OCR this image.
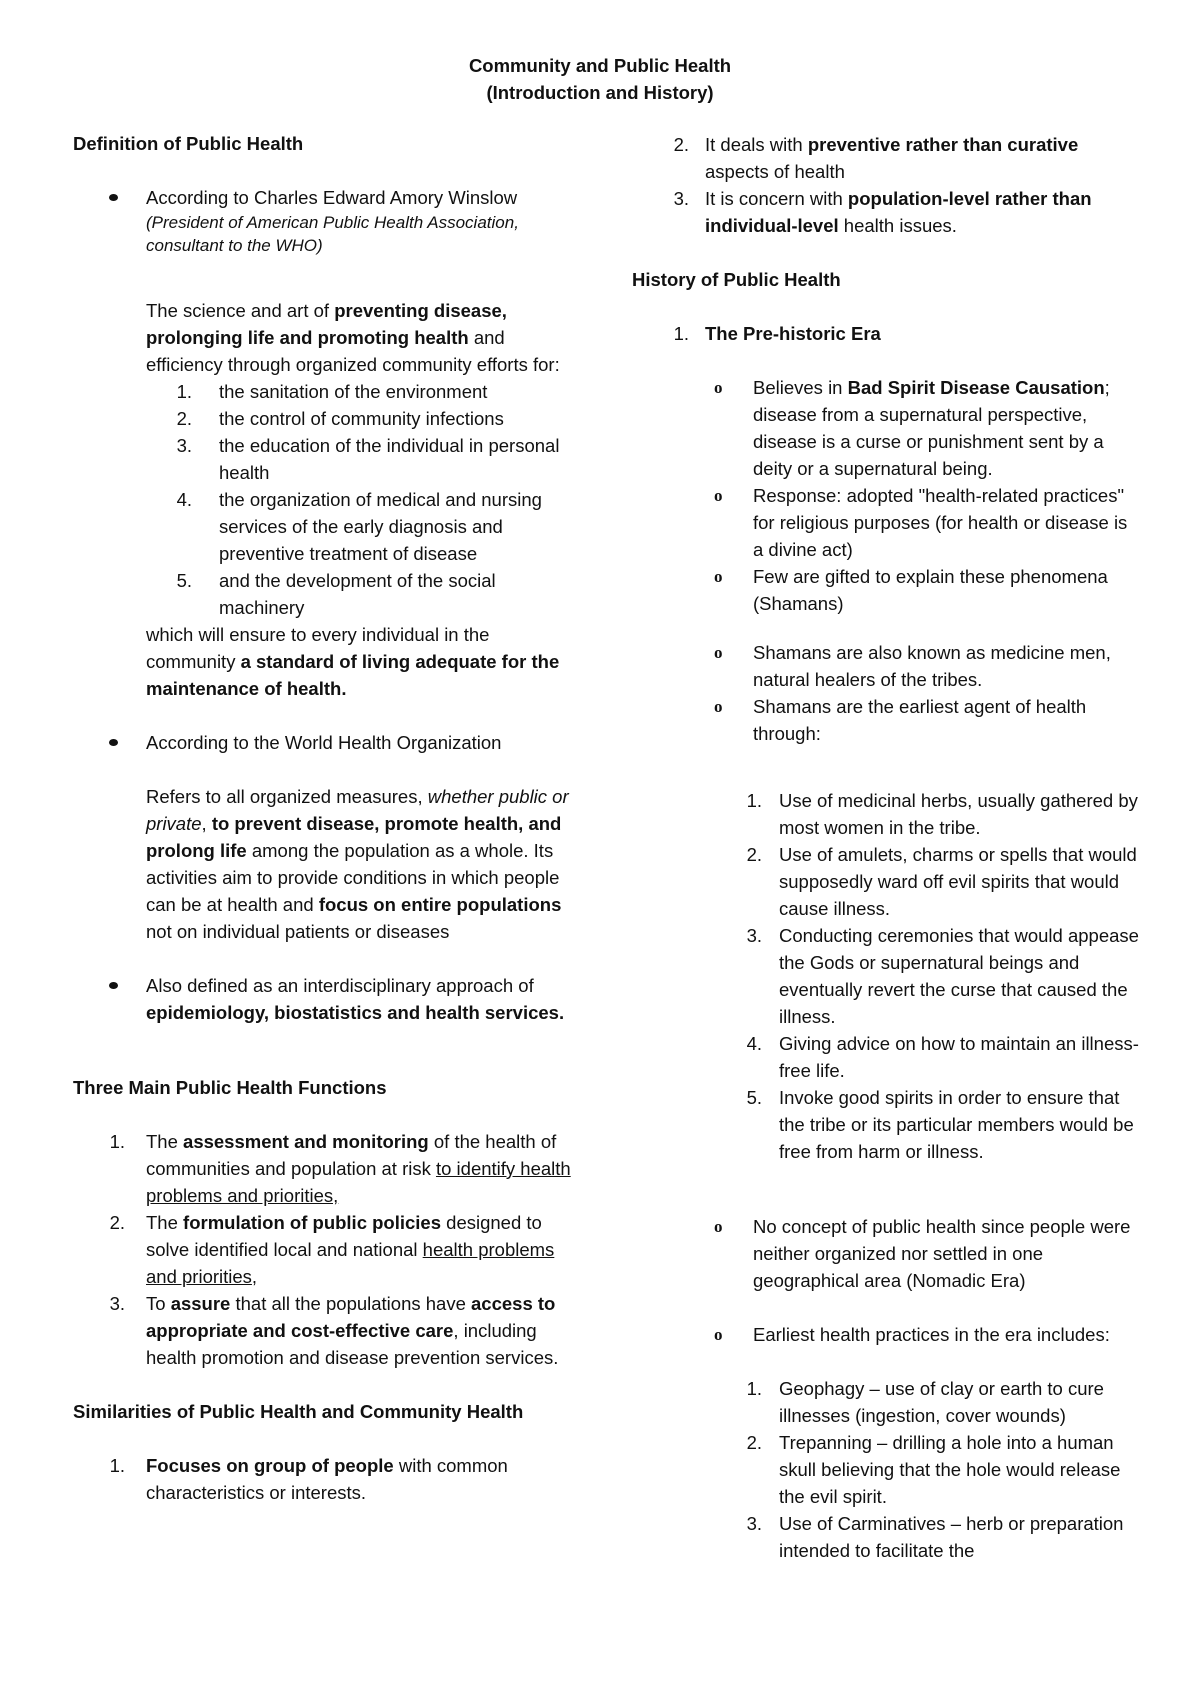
Community and Public Health
(Introduction and History)

Definition of Public Health

According to Charles Edward Amory Winslow

(President of American Public Health Association, consultant to the WHO)

The science and art of preventing disease, prolonging life and promoting health and efficiency through organized community efforts for:

1. the sanitation of the environment
2. the control of community infections
3. the education of the individual in personal health
4. the organization of medical and nursing services of the early diagnosis and preventive treatment of disease
5. and the development of the social machinery

which will ensure to every individual in the community a standard of living adequate for the maintenance of health.

According to the World Health Organization

Refers to all organized measures, whether public or private, to prevent disease, promote health, and prolong life among the population as a whole. Its activities aim to provide conditions in which people can be at health and focus on entire populations not on individual patients or diseases

Also defined as an interdisciplinary approach of epidemiology, biostatistics and health services.

Three Main Public Health Functions

1. The assessment and monitoring of the health of communities and population at risk to identify health problems and priorities,
2. The formulation of public policies designed to solve identified local and national health problems and priorities,
3. To assure that all the populations have access to appropriate and cost-effective care, including health promotion and disease prevention services.

Similarities of Public Health and Community Health

1. Focuses on group of people with common characteristics or interests.
2. It deals with preventive rather than curative aspects of health
3. It is concern with population-level rather than individual-level health issues.

History of Public Health

1. The Pre-historic Era
o Believes in Bad Spirit Disease Causation; disease from a supernatural perspective, disease is a curse or punishment sent by a deity or a supernatural being.
o Response: adopted "health-related practices" for religious purposes (for health or disease is a divine act)
o Few are gifted to explain these phenomena (Shamans)
o Shamans are also known as medicine men, natural healers of the tribes.
o Shamans are the earliest agent of health through:
1. Use of medicinal herbs, usually gathered by most women in the tribe.
2. Use of amulets, charms or spells that would supposedly ward off evil spirits that would cause illness.
3. Conducting ceremonies that would appease the Gods or supernatural beings and eventually revert the curse that caused the illness.
4. Giving advice on how to maintain an illness-free life.
5. Invoke good spirits in order to ensure that the tribe or its particular members would be free from harm or illness.
o No concept of public health since people were neither organized nor settled in one geographical area (Nomadic Era)
o Earliest health practices in the era includes:
1. Geophagy – use of clay or earth to cure illnesses (ingestion, cover wounds)
2. Trepanning – drilling a hole into a human skull believing that the hole would release the evil spirit.
3. Use of Carminatives – herb or preparation intended to facilitate the
